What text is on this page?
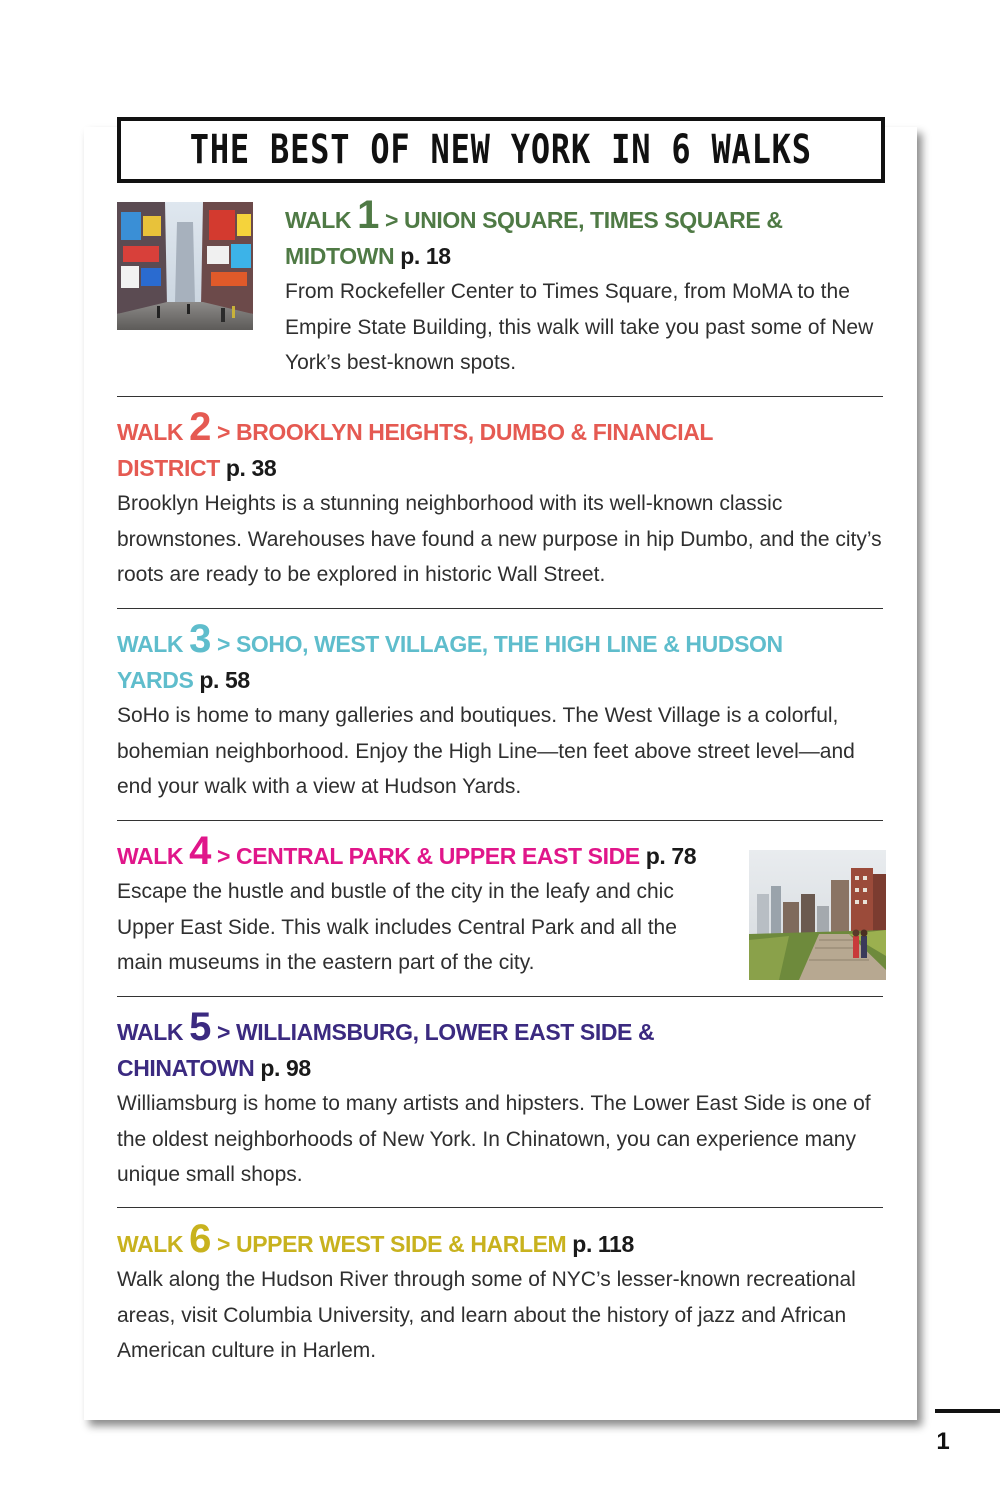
THE BEST OF NEW YORK IN 6 WALKS

WALK 1 > UNION SQUARE, TIMES SQUARE & MIDTOWN p. 18

From Rockefeller Center to Times Square, from MoMA to the Empire State Building, this walk will take you past some of New York’s best-known spots.

WALK 2 > BROOKLYN HEIGHTS, DUMBO & FINANCIAL DISTRICT p. 38

Brooklyn Heights is a stunning neighborhood with its well-known classic brownstones. Warehouses have found a new purpose in hip Dumbo, and the city’s roots are ready to be explored in historic Wall Street.

WALK 3 > SOHO, WEST VILLAGE, THE HIGH LINE & HUDSON YARDS p. 58

SoHo is home to many galleries and boutiques. The West Village is a colorful, bohemian neighborhood. Enjoy the High Line—ten feet above street level—and end your walk with a view at Hudson Yards.

WALK 4 > CENTRAL PARK & UPPER EAST SIDE p. 78

Escape the hustle and bustle of the city in the leafy and chic Upper East Side. This walk includes Central Park and all the main museums in the eastern part of the city.

WALK 5 > WILLIAMSBURG, LOWER EAST SIDE & CHINATOWN p. 98

Williamsburg is home to many artists and hipsters. The Lower East Side is one of the oldest neighborhoods of New York. In Chinatown, you can experience many unique small shops.

WALK 6 > UPPER WEST SIDE & HARLEM p. 118

Walk along the Hudson River through some of NYC’s lesser-known recreational areas, visit Columbia University, and learn about the history of jazz and African American culture in Harlem.

1
